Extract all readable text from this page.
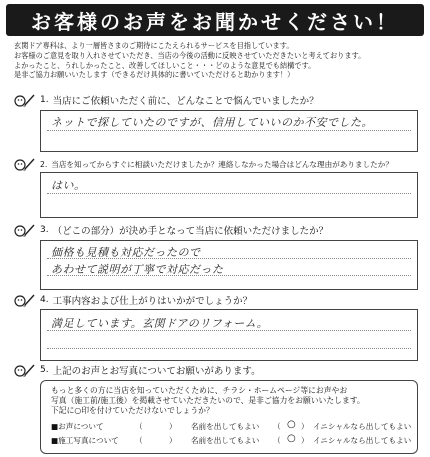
お客様のお声をお聞かせください！
玄関ドア専科は、より一層皆さまのご期待にこたえられるサービスを目指しています。
お客様のご意見を取り入れさせていただき、当店の今後の活動に反映させていただきたいと考えております。
よかったこと、うれしかったこと、改善してほしいこと・・・どのような意見でも結構です。
是非ご協力お願いいたします（できるだけ具体的に書いていただけると助かります！）
1. 当店にご依頼いただく前に、どんなことで悩んでいましたか？
ネットで探していたのですが、信用していいのか不安でした。
2. 当店を知ってからすぐに相談いただけましたか？連絡しなかった場合はどんな理由がありましたか？
はい。
3. （どこの部分）が決め手となって当店に依頼いただけましたか？
価格も見積も対応だったので
あわせて説明が丁寧で対応だった
4. 工事内容および仕上がりはいかがでしょうか？
満足しています。玄関ドアのリフォーム。
5. 上記のお声とお写真についてお願いがあります。
もっと多くの方に当店を知っていただくために、チラシ・ホームページ等にお声やお
写真（施工前/施工後）を掲載させていただきたいので、是非ご協力をお願いいたします。
下記に○印を付けていただけないでしょうか？
■お声について	（	） 名前を出してもよい （ ○ ） イニシャルなら出してもよい
■施工写真について （	） 名前を出してもよい （ ○ ） イニシャルなら出してもよい
